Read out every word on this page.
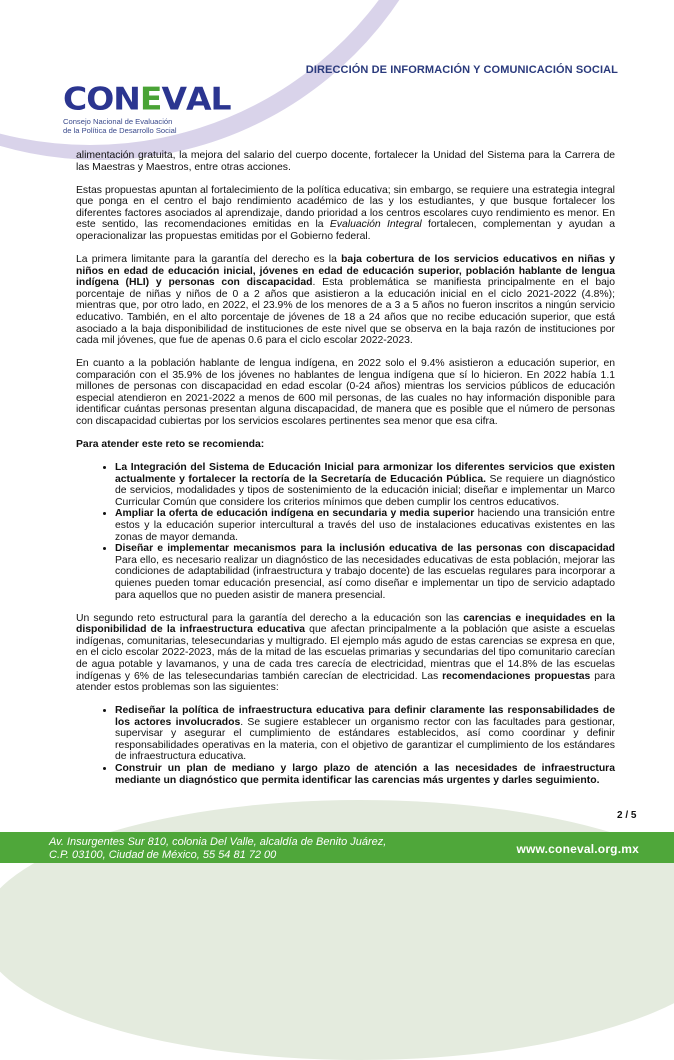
DIRECCIÓN DE INFORMACIÓN Y COMUNICACIÓN SOCIAL
C O N E V A L
Consejo Nacional de Evaluación
de la Política de Desarrollo Social

alimentación gratuita, la mejora del salario del cuerpo docente, fortalecer la Unidad del Sistema para la Carrera de las Maestras y Maestros, entre otras acciones.

Estas propuestas apuntan al fortalecimiento de la política educativa; sin embargo, se requiere una estrategia integral que ponga en el centro el bajo rendimiento académico de las y los estudiantes, y que busque fortalecer los diferentes factores asociados al aprendizaje, dando prioridad a los centros escolares cuyo rendimiento es menor. En este sentido, las recomendaciones emitidas en la Evaluación Integral fortalecen, complementan y ayudan a operacionalizar las propuestas emitidas por el Gobierno federal.

La primera limitante para la garantía del derecho es la baja cobertura de los servicios educativos en niñas y niños en edad de educación inicial, jóvenes en edad de educación superior, población hablante de lengua indígena (HLI) y personas con discapacidad. Esta problemática se manifiesta principalmente en el bajo porcentaje de niñas y niños de 0 a 2 años que asistieron a la educación inicial en el ciclo 2021-2022 (4.8%); mientras que, por otro lado, en 2022, el 23.9% de los menores de a 3 a 5 años no fueron inscritos a ningún servicio educativo. También, en el alto porcentaje de jóvenes de 18 a 24 años que no recibe educación superior, que está asociado a la baja disponibilidad de instituciones de este nivel que se observa en la baja razón de instituciones por cada mil jóvenes, que fue de apenas 0.6 para el ciclo escolar 2022-2023.

En cuanto a la población hablante de lengua indígena, en 2022 solo el 9.4% asistieron a educación superior, en comparación con el 35.9% de los jóvenes no hablantes de lengua indígena que sí lo hicieron. En 2022 había 1.1 millones de personas con discapacidad en edad escolar (0-24 años) mientras los servicios públicos de educación especial atendieron en 2021-2022 a menos de 600 mil personas, de las cuales no hay información disponible para identificar cuántas personas presentan alguna discapacidad, de manera que es posible que el número de personas con discapacidad cubiertas por los servicios escolares pertinentes sea menor que esa cifra.

Para atender este reto se recomienda:

• La Integración del Sistema de Educación Inicial para armonizar los diferentes servicios que existen actualmente y fortalecer la rectoría de la Secretaría de Educación Pública. Se requiere un diagnóstico de servicios, modalidades y tipos de sostenimiento de la educación inicial; diseñar e implementar un Marco Curricular Común que considere los criterios mínimos que deben cumplir los centros educativos.
• Ampliar la oferta de educación indígena en secundaria y media superior haciendo una transición entre estos y la educación superior intercultural a través del uso de instalaciones educativas existentes en las zonas de mayor demanda.
• Diseñar e implementar mecanismos para la inclusión educativa de las personas con discapacidad Para ello, es necesario realizar un diagnóstico de las necesidades educativas de esta población, mejorar las condiciones de adaptabilidad (infraestructura y trabajo docente) de las escuelas regulares para incorporar a quienes pueden tomar educación presencial, así como diseñar e implementar un tipo de servicio adaptado para aquellos que no pueden asistir de manera presencial.

Un segundo reto estructural para la garantía del derecho a la educación son las carencias e inequidades en la disponibilidad de la infraestructura educativa que afectan principalmente a la población que asiste a escuelas indígenas, comunitarias, telesecundarias y multigrado. El ejemplo más agudo de estas carencias se expresa en que, en el ciclo escolar 2022-2023, más de la mitad de las escuelas primarias y secundarias del tipo comunitario carecían de agua potable y lavamanos, y una de cada tres carecía de electricidad, mientras que el 14.8% de las escuelas indígenas y 6% de las telesecundarias también carecían de electricidad. Las recomendaciones propuestas para atender estos problemas son las siguientes:

• Rediseñar la política de infraestructura educativa para definir claramente las responsabilidades de los actores involucrados. Se sugiere establecer un organismo rector con las facultades para gestionar, supervisar y asegurar el cumplimiento de estándares establecidos, así como coordinar y definir responsabilidades operativas en la materia, con el objetivo de garantizar el cumplimiento de los estándares de infraestructura educativa.
• Construir un plan de mediano y largo plazo de atención a las necesidades de infraestructura mediante un diagnóstico que permita identificar las carencias más urgentes y darles seguimiento.
2 / 5
Av. Insurgentes Sur 810, colonia Del Valle, alcaldía de Benito Juárez,
C.P. 03100, Ciudad de México, 55 54 81 72 00	www.coneval.org.mx
